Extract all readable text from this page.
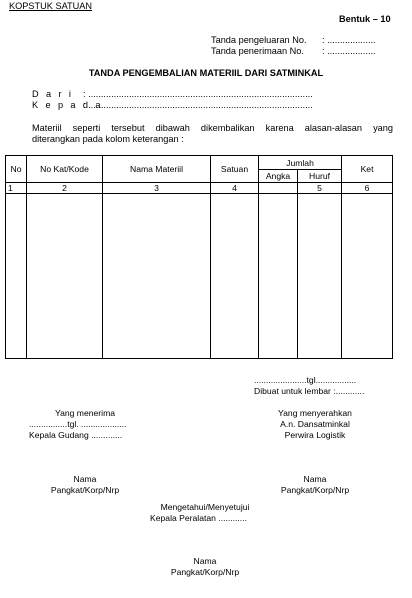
KOPSTUK SATUAN
Bentuk – 10
Tanda pengeluaran No. : ...................
Tanda penerimaan No. : ...................
TANDA PENGEMBALIAN MATERIIL DARI SATMINKAL
D a r i : ........................................................................................
K e p a d a
: ........................................................................................
Materiil seperti tersebut dibawah dikembalikan karena alasan-alasan yang
diterangkan pada kolom keterangan :
No	No Kat/Kode	Nama Materiil	Satuan	Jumlah		Ket
				Angka	Huruf	
1	2	3	4		5	6

......................tgl.................
Dibuat untuk lembar :............
Yang menerima
................tgl. ...................
Kepala Gudang .............
Nama
Pangkat/Korp/Nrp
Yang menyerahkan
A.n. Dansatminkal
Perwira Logistik
Nama
Pangkat/Korp/Nrp
Mengetahui/Menyetujui
Kepala Peralatan ............
Nama
Pangkat/Korp/Nrp
